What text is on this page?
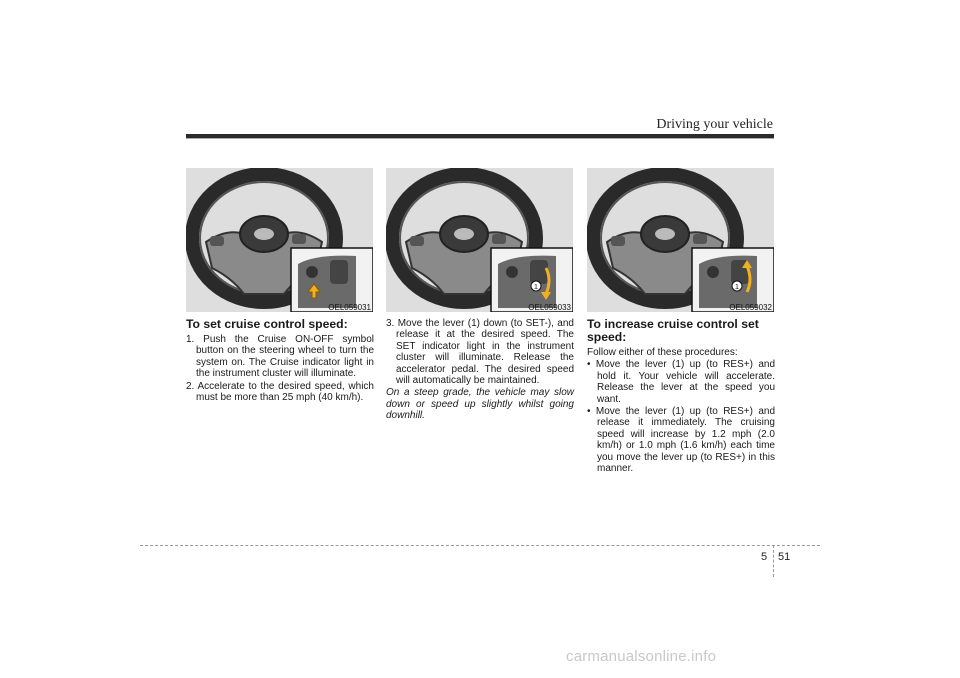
Driving your vehicle
OEL059031
1
OEL059033
1
OEL059032
To set cruise control speed:

1. Push the Cruise ON-OFF symbol button on the steering wheel to turn the system on. The Cruise indicator light in the instrument cluster will illuminate.

2. Accelerate to the desired speed, which must be more than 25 mph (40 km/h).

3. Move the lever (1) down (to SET-), and release it at the desired speed. The SET indicator light in the instrument cluster will illuminate. Release the accelerator pedal. The desired speed will automatically be maintained.

On a steep grade, the vehicle may slow down or speed up slightly whilst going downhill.

To increase cruise control set speed:

Follow either of these procedures:

• Move the lever (1) up (to RES+) and hold it. Your vehicle will accelerate. Release the lever at the speed you want.

• Move the lever (1) up (to RES+) and release it immediately. The cruising speed will increase by 1.2 mph (2.0 km/h) or 1.0 mph (1.6 km/h) each time you move the lever up (to RES+) in this manner.

5 51
carmanualsonline.info
